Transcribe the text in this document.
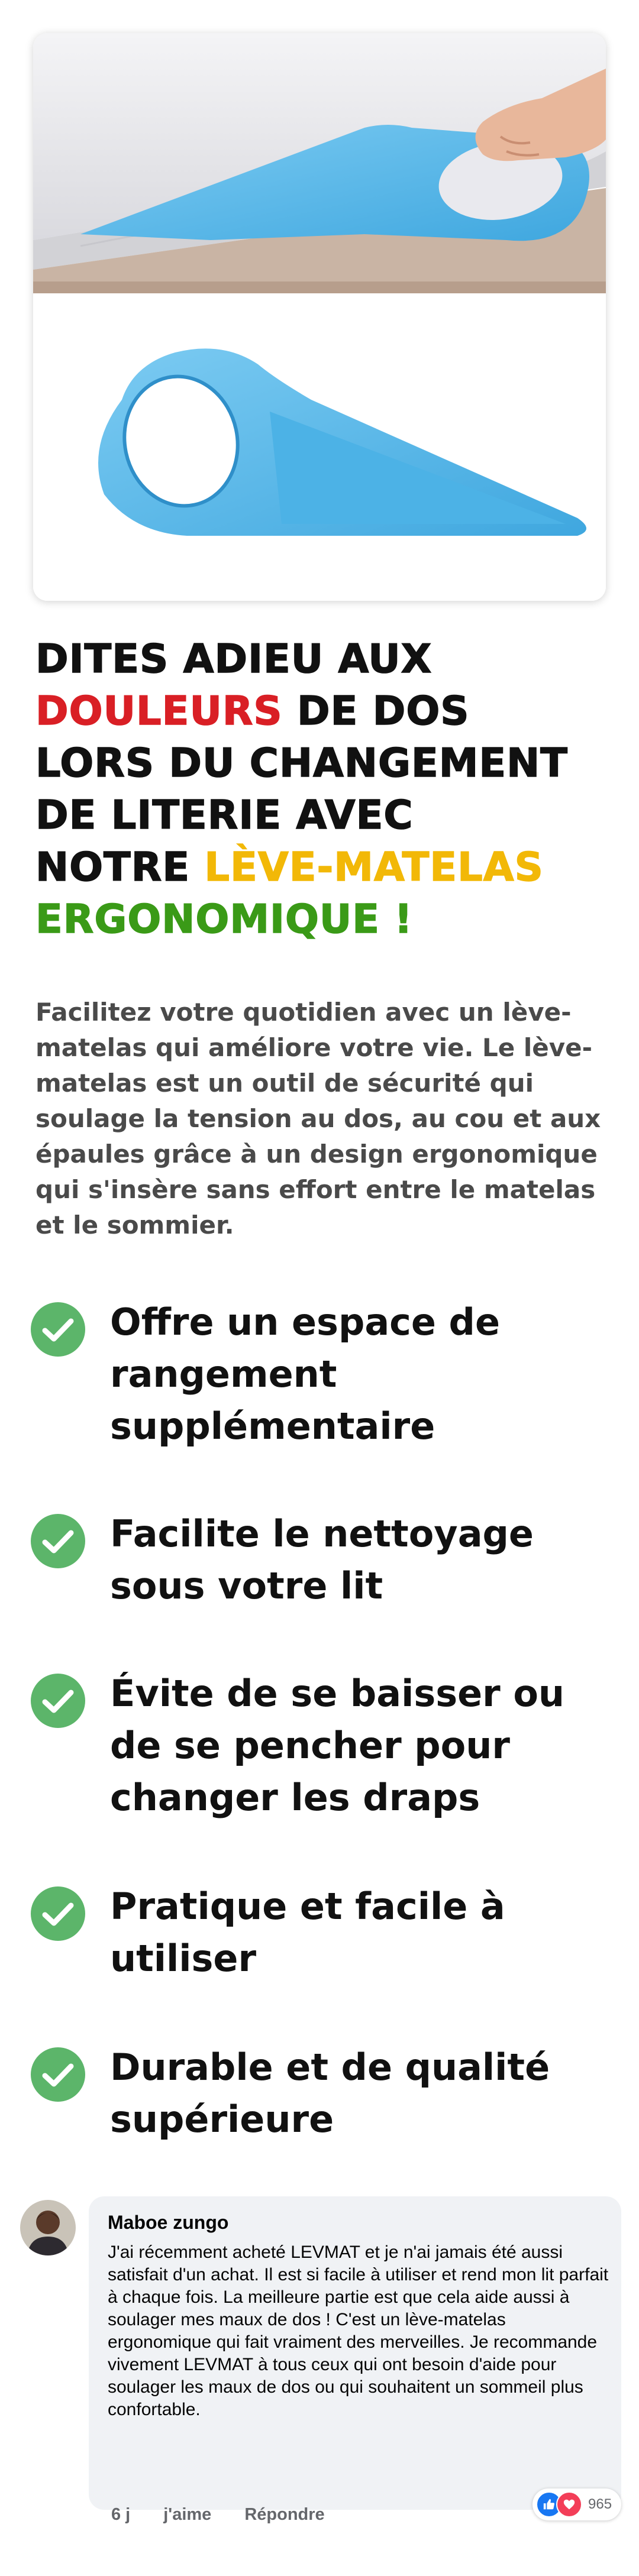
DITES ADIEU AUX
DOULEURS DE DOS
LORS DU CHANGEMENT
DE LITERIE AVEC
NOTRE LÈVE-MATELAS
ERGONOMIQUE !

Facilitez votre quotidien avec un lève-matelas qui améliore votre vie. Le lève-matelas est un outil de sécurité qui soulage la tension au dos, au cou et aux épaules grâce à un design ergonomique qui s'insère sans effort entre le matelas et le sommier.

Offre un espace de rangement supplémentaire
Facilite le nettoyage sous votre lit
Évite de se baisser ou de se pencher pour changer les draps
Pratique et facile à utiliser
Durable et de qualité supérieure
Maboe zungo
J'ai récemment acheté LEVMAT et je n'ai jamais été aussi satisfait d'un achat. Il est si facile à utiliser et rend mon lit parfait à chaque fois. La meilleure partie est que cela aide aussi à soulager mes maux de dos ! C'est un lève-matelas ergonomique qui fait vraiment des merveilles. Je recommande vivement LEVMAT à tous ceux qui ont besoin d'aide pour soulager les maux de dos ou qui souhaitent un sommeil plus confortable.
965
6 j j'aime Répondre
